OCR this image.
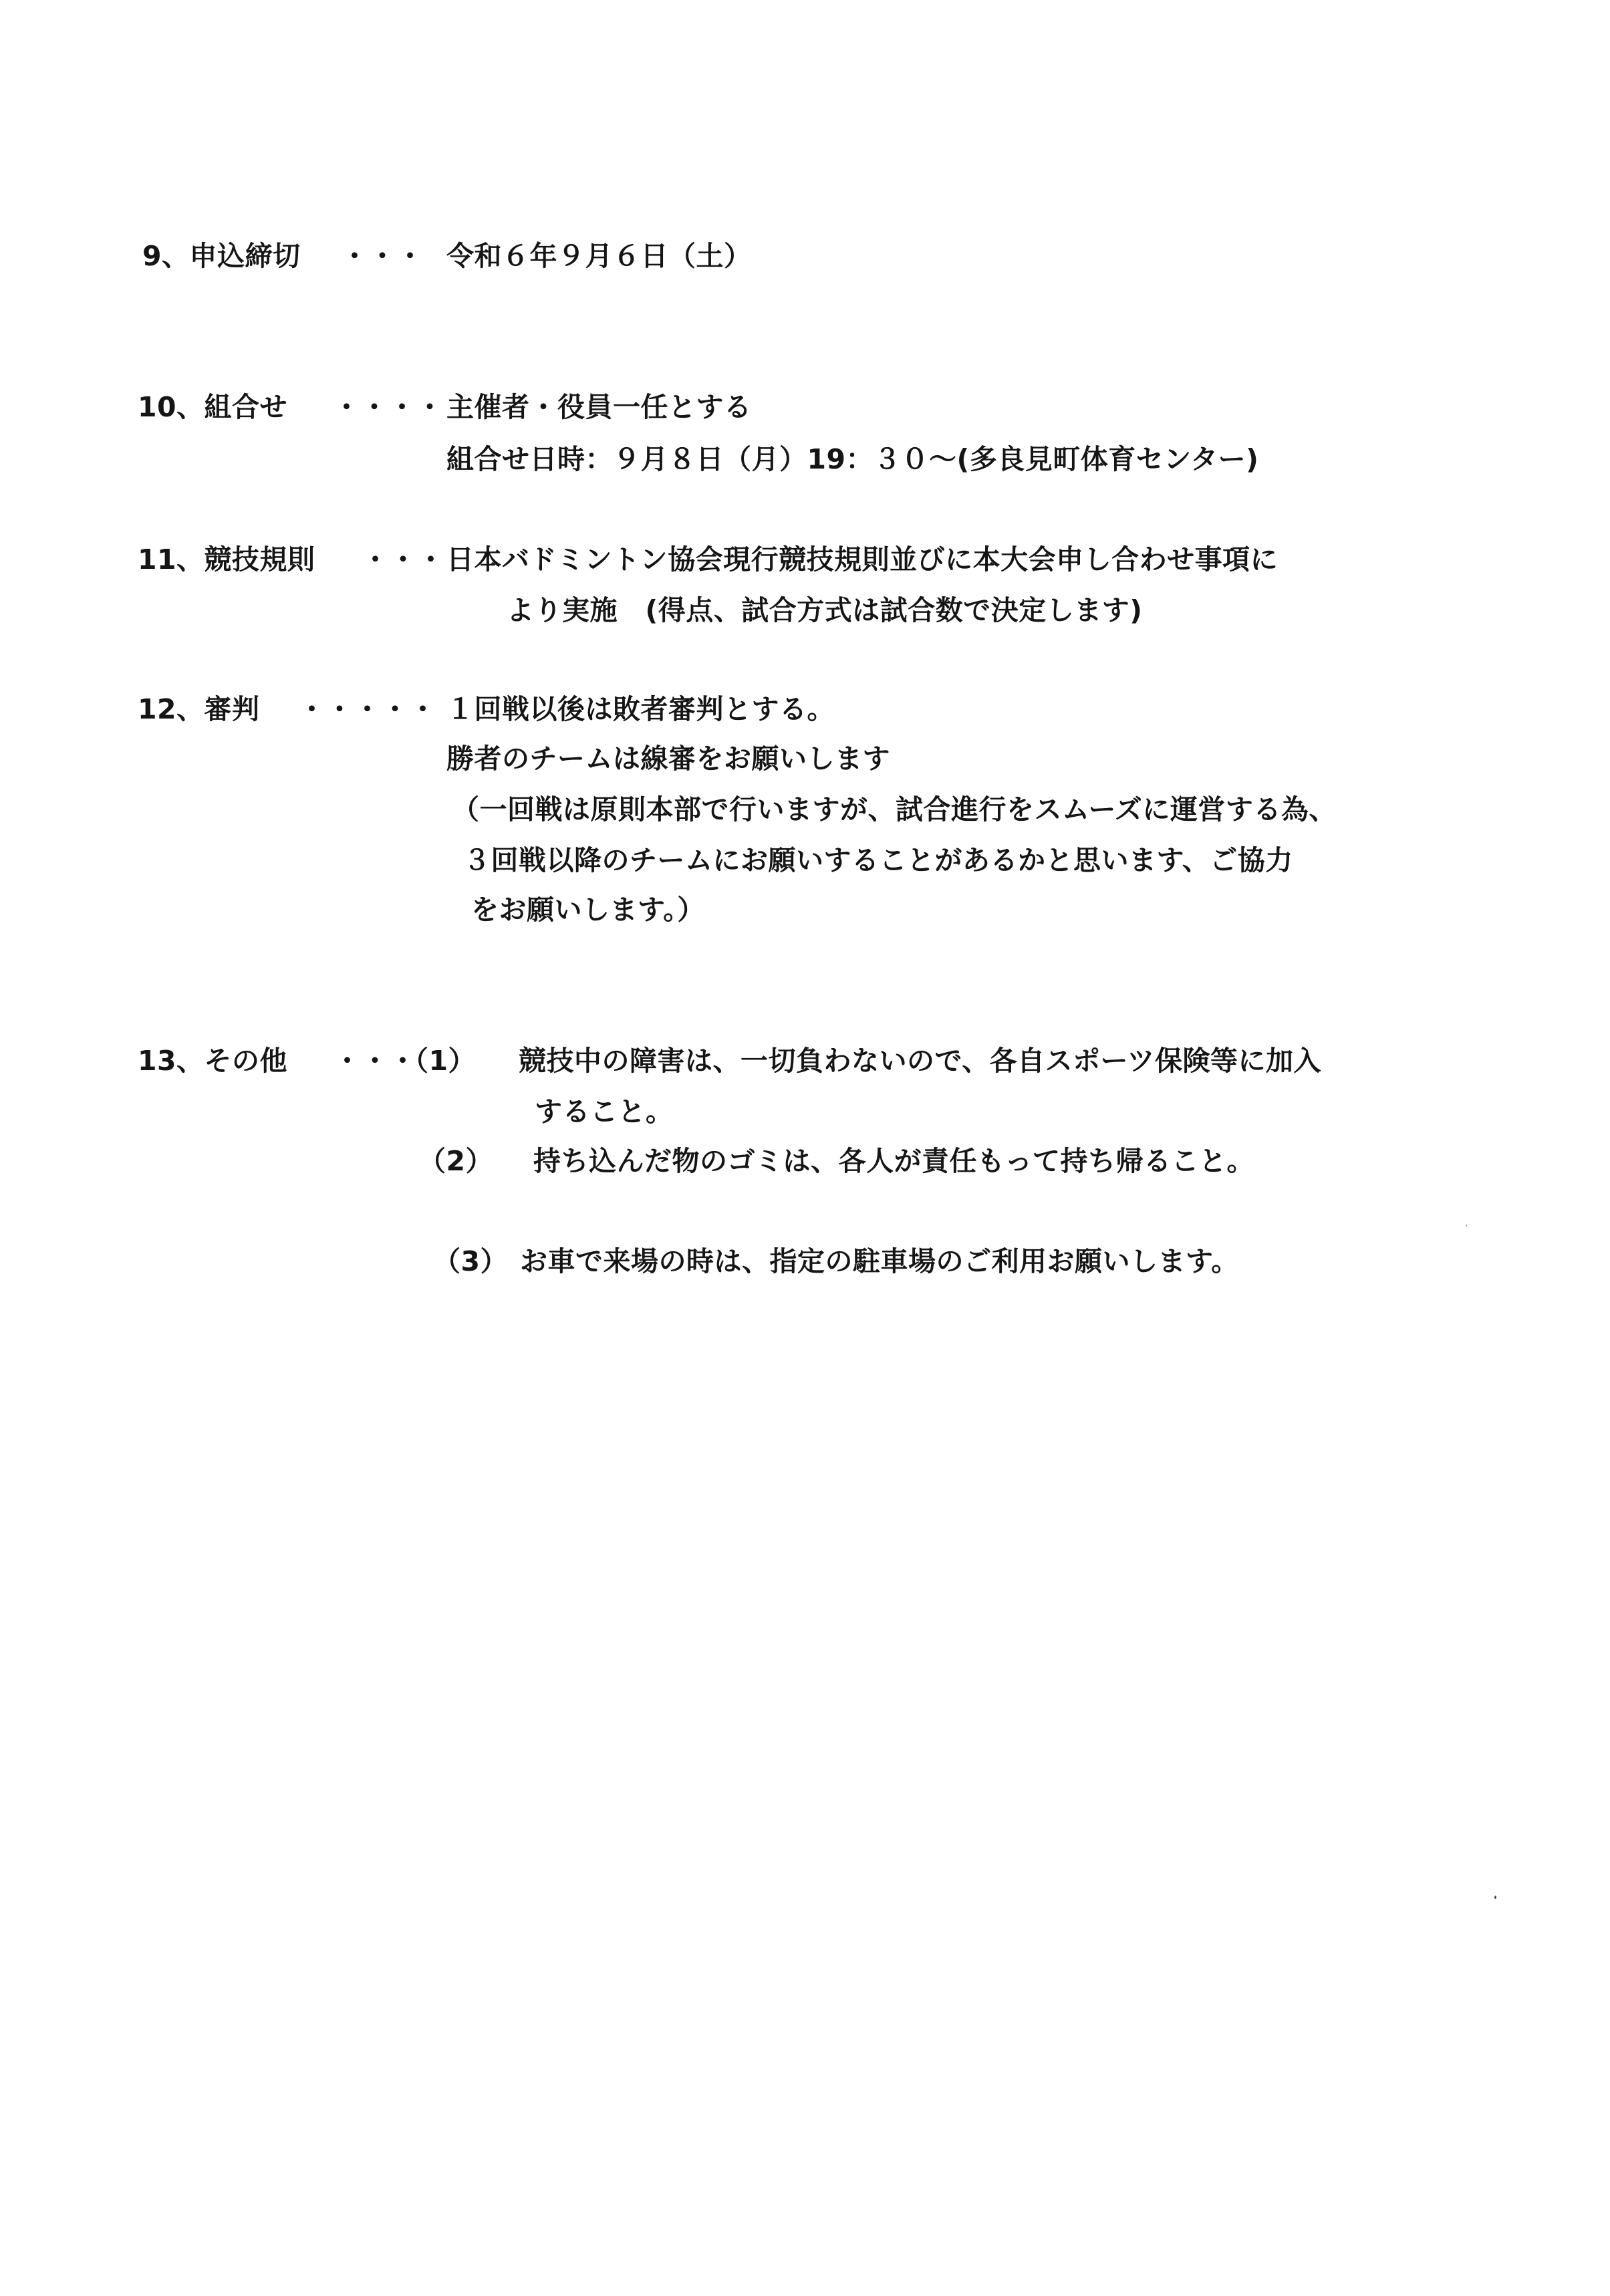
9、申込締切 ・・・ 令和６年９月６日（土）
10、組合せ ・・・・ 主催者・役員一任とする
組合せ日時：９月８日（月）19：３０～(多良見町体育センター)
11、競技規則 ・・・ 日本バドミントン協会現行競技規則並びに本大会申し合わせ事項に
より実施　(得点、試合方式は試合数で決定します)
12、審判 ・・・・・ １回戦以後は敗者審判とする。
勝者のチームは線審をお願いします
（一回戦は原則本部で行いますが、試合進行をスムーズに運営する為、
３回戦以降のチームにお願いすることがあるかと思います、ご協力
をお願いします。）
13、その他 ・・・
（1） 競技中の障害は、一切負わないので、各自スポーツ保険等に加入
すること。
（2） 持ち込んだ物のゴミは、各人が責任もって持ち帰ること。
（3） お車で来場の時は、指定の駐車場のご利用お願いします。
